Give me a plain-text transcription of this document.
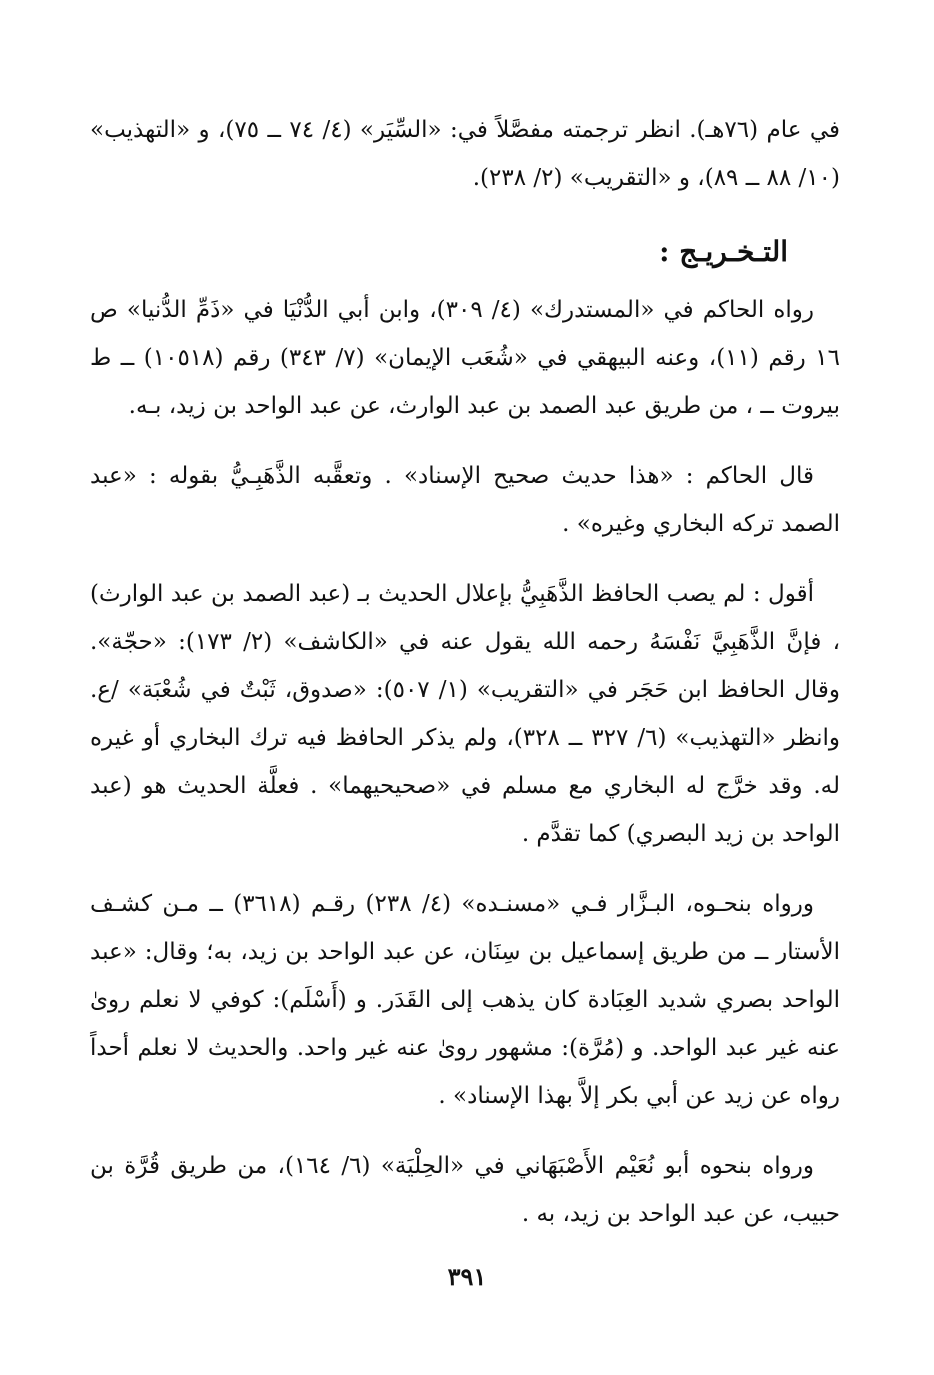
في عام (٧٦هـ). انظر ترجمته مفصَّلاً في: «السِّيَر» (٤/ ٧٤ ــ ٧٥)، و «التهذيب» (١٠/ ٨٨ ــ ٨٩)، و «التقريب» (٢/ ٢٣٨).

التـخـريـج :

رواه الحاكم في «المستدرك» (٤/ ٣٠٩)، وابن أبي الدُّنْيَا في «ذَمِّ الدُّنيا» ص ١٦ رقم (١١)، وعنه البيهقي في «شُعَب الإيمان» (٧/ ٣٤٣) رقم (١٠٥١٨) ــ ط بيروت ــ ، من طريق عبد الصمد بن عبد الوارث، عن عبد الواحد بن زيد، بـه.

قال الحاكم : «هذا حديث صحيح الإسناد» . وتعقَّبه الذَّهَبِـيُّ بقوله : «عبد الصمد تركه البخاري وغيره» .

أقول : لم يصب الحافظ الذَّهَبِيُّ بإعلال الحديث بـ (عبد الصمد بن عبد الوارث) ، فإنَّ الذَّهَبِيَّ نَفْسَهُ رحمه الله يقول عنه في «الكاشف» (٢/ ١٧٣): «حجّة». وقال الحافظ ابن حَجَر في «التقريب» (١/ ٥٠٧): «صدوق، ثَبْتٌ في شُعْبَة» /ع. وانظر «التهذيب» (٦/ ٣٢٧ ــ ٣٢٨)، ولم يذكر الحافظ فيه ترك البخاري أو غيره له. وقد خرَّج له البخاري مع مسلم في «صحيحيهما» . فعلَّة الحديث هو (عبد الواحد بن زيد البصري) كما تقدَّم .

ورواه بنحـوه، البـزَّار فـي «مسنـده» (٤/ ٢٣٨) رقـم (٣٦١٨) ــ مـن كشـف الأستار ــ من طريق إسماعيل بن سِنَان، عن عبد الواحد بن زيد، به؛ وقال: «عبد الواحد بصري شديد العِبَادة كان يذهب إلى القَدَر. و (أَسْلَم): كوفي لا نعلم روىٰ عنه غير عبد الواحد. و (مُرَّة): مشهور روىٰ عنه غير واحد. والحديث لا نعلم أحداً رواه عن زيد عن أبي بكر إلاَّ بهذا الإسناد» .

ورواه بنحوه أبو نُعَيْم الأَصْبَهَاني في «الحِلْيَة» (٦/ ١٦٤)، من طريق قُرَّة بن حبيب، عن عبد الواحد بن زيد، به .

٣٩١
